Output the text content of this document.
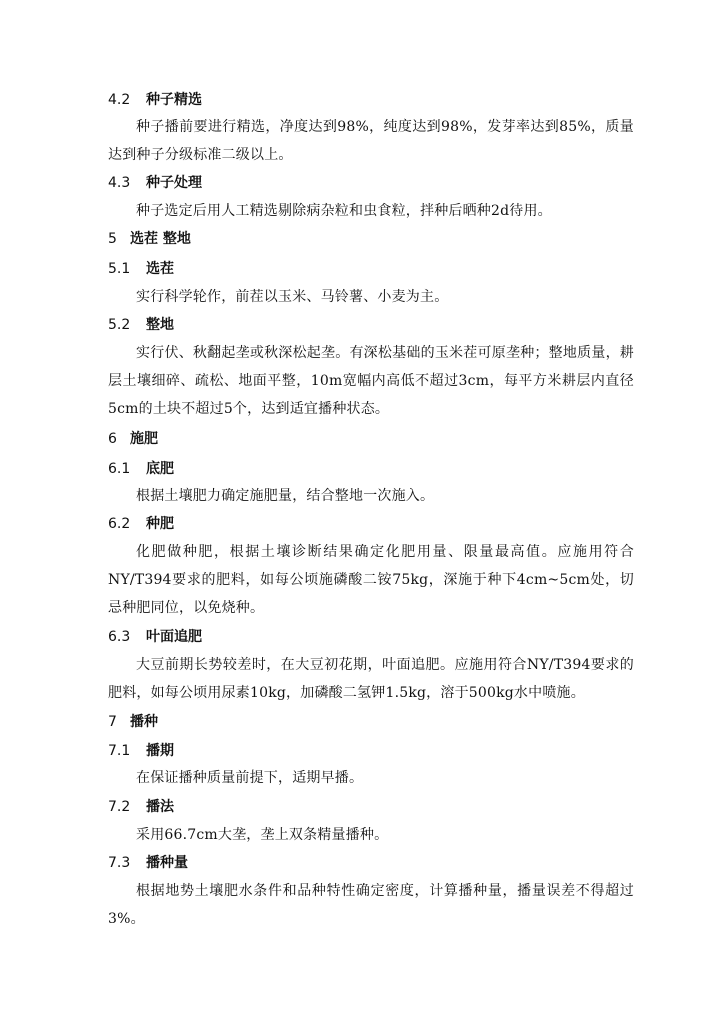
4.2 种子精选
种子播前要进行精选，净度达到98%，纯度达到98%，发芽率达到85%，质量达到种子分级标准二级以上。
4.3 种子处理
种子选定后用人工精选剔除病杂粒和虫食粒，拌种后晒种2d待用。
5 选茬 整地
5.1 选茬
实行科学轮作，前茬以玉米、马铃薯、小麦为主。
5.2 整地
实行伏、秋翻起垄或秋深松起垄。有深松基础的玉米茬可原垄种；整地质量，耕层土壤细碎、疏松、地面平整，10m宽幅内高低不超过3cm，每平方米耕层内直径5cm的土块不超过5个，达到适宜播种状态。
6 施肥
6.1 底肥
根据土壤肥力确定施肥量，结合整地一次施入。
6.2 种肥
化肥做种肥，根据土壤诊断结果确定化肥用量、限量最高值。应施用符合NY/T394要求的肥料，如每公顷施磷酸二铵75kg，深施于种下4cm~5cm处，切忌种肥同位，以免烧种。
6.3 叶面追肥
大豆前期长势较差时，在大豆初花期，叶面追肥。应施用符合NY/T394要求的肥料，如每公顷用尿素10kg，加磷酸二氢钾1.5kg，溶于500kg水中喷施。
7 播种
7.1 播期
在保证播种质量前提下，适期早播。
7.2 播法
采用66.7cm大垄，垄上双条精量播种。
7.3 播种量
根据地势土壤肥水条件和品种特性确定密度，计算播种量，播量误差不得超过3%。
